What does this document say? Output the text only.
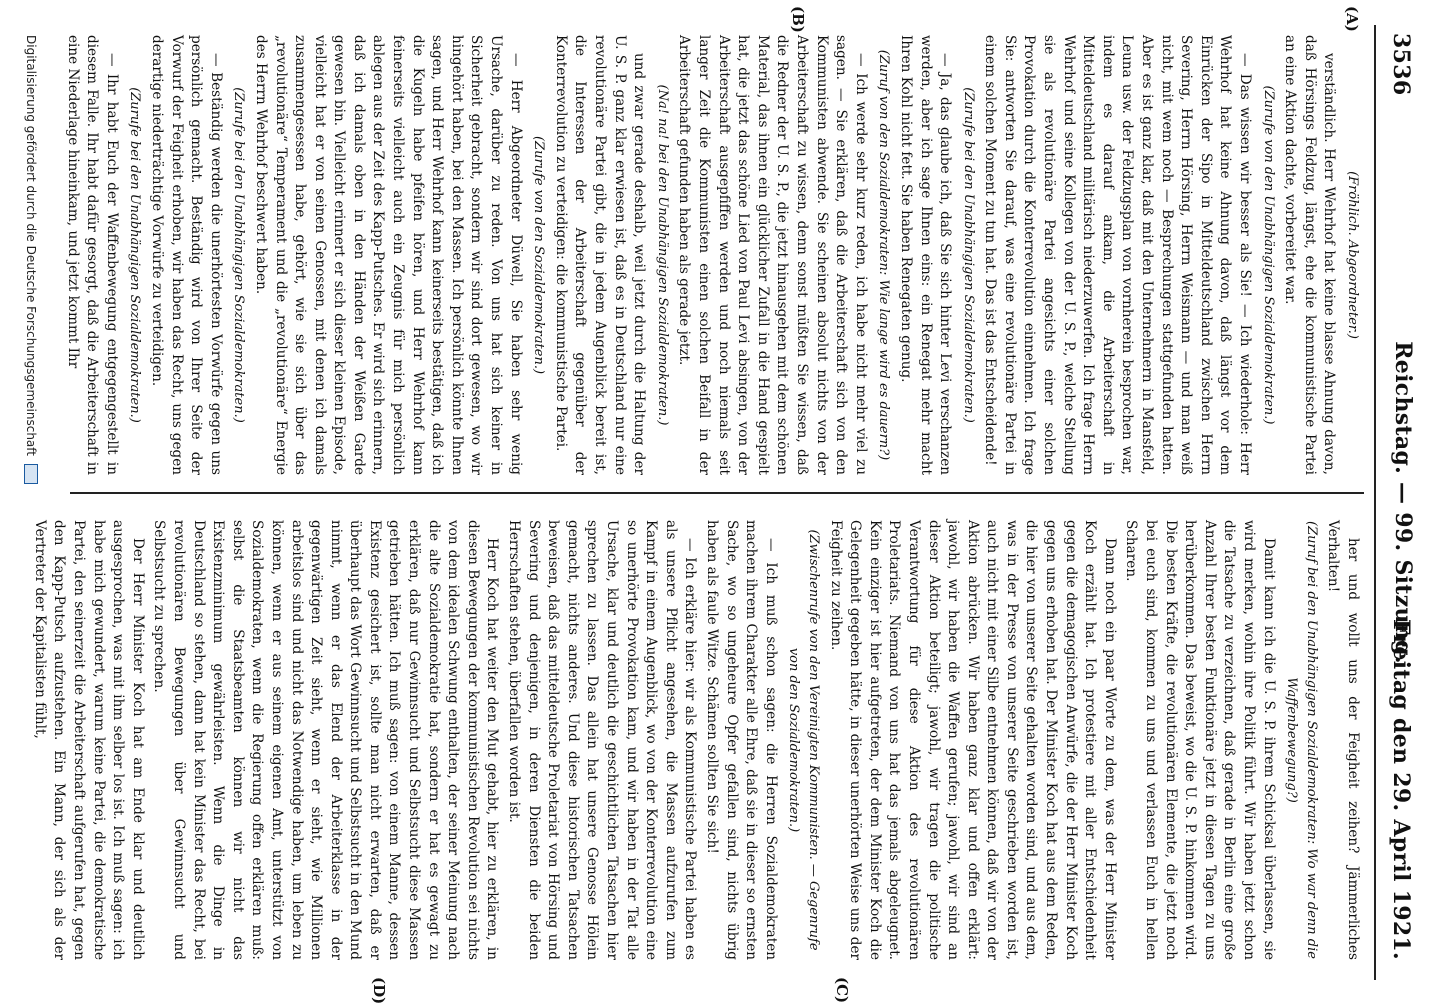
3536
Reichstag. — 99. Sitzung.
Freitag den 29. April 1921.
(A)
(B)
(C)
(D)

(Fröhlich. Abgeordneter.)

verständlich. Herr Wehrhof hat keine blasse Ahnung davon, daß Hörsings Feldzug, längst, ehe die kommunistische Partei an eine Aktion dachte, vorbereitet war.

(Zurufe von den Unabhängigen Sozialdemokraten.)

— Das wissen wir besser als Sie! — Ich wiederhole: Herr Wehrhof hat keine Ahnung davon, daß längst vor dem Einrücken der Sipo in Mitteldeutschland zwischen Herrn Severing, Herrn Hörsing, Herrn Weismann — und man weiß nicht, mit wem noch — Besprechungen stattgefunden hatten. Aber es ist ganz klar, daß mit den Unternehmern in Mansfeld, Leuna usw. der Feldzugsplan von vornherein besprochen war, indem es darauf ankam, die Arbeiterschaft in Mitteldeutschland militärisch niederzuwerfen. Ich frage Herrn Wehrhof und seine Kollegen von der U. S. P., welche Stellung sie als revolutionäre Partei angesichts einer solchen Provokation durch die Konterrevolution einnehmen. Ich frage Sie: antworten Sie darauf, was eine revolutionäre Partei in einem solchen Moment zu tun hat. Das ist das Entscheidende!

(Zurufe bei den Unabhängigen Sozialdemokraten.)

— Ja, das glaube ich, daß Sie sich hinter Levi verschanzen werden, aber ich sage Ihnen eins: ein Renegat mehr macht Ihren Kohl nicht fett. Sie haben Renegaten genug.

(Zuruf von den Sozialdemokraten: Wie lange wird es dauern?)

— Ich werde sehr kurz reden, ich habe nicht mehr viel zu sagen. — Sie erklären, daß die Arbeiterschaft sich von den Kommunisten abwende. Sie scheinen absolut nichts von der Arbeiterschaft zu wissen, denn sonst müßten Sie wissen, daß die Redner der U. S. P., die jetzt hinausgehen mit dem schönen Material, das ihnen ein glücklicher Zufall in die Hand gespielt hat, die jetzt das schöne Lied von Paul Levi absingen, von der Arbeiterschaft ausgepfiffen werden und noch niemals seit langer Zeit die Kommunisten einen solchen Beifall in der Arbeiterschaft gefunden haben als gerade jetzt.

(Na! na! bei den Unabhängigen Sozialdemokraten.)

und zwar gerade deshalb, weil jetzt durch die Haltung der U. S. P. ganz klar erwiesen ist, daß es in Deutschland nur eine revolutionäre Partei gibt, die in jedem Augenblick bereit ist, die Interessen der Arbeiterschaft gegenüber der Konterrevolution zu verteidigen: die kommunistische Partei.

(Zurufe von den Sozialdemokraten.)

— Herr Abgeordneter Düwell, Sie haben sehr wenig Ursache, darüber zu reden. Von uns hat sich keiner in Sicherheit gebracht, sondern wir sind dort gewesen, wo wir hingehört haben, bei den Massen. Ich persönlich könnte Ihnen sagen, und Herr Wehrhof kann keinerseits bestätigen, daß ich die Kugeln habe pfeifen hören, und Herr Wehrhof kann feinerseits vielleicht auch ein Zeugnis für mich persönlich ablegen aus der Zeit des Kapp-Putsches. Er wird sich erinnern, daß ich damals oben in den Händen der Weißen Garde gewesen bin. Vielleicht erinnert er sich dieser kleinen Episode, vielleicht hat er von seinen Genossen, mit denen ich damals zusammengesessen habe, gehört, wie sie sich über das „revolutionäre“ Temperament und die „revolutionäre“ Energie des Herrn Wehrhof beschwert haben.

(Zurufe bei den Unabhängigen Sozialdemokraten.)

— Beständig werden die unerhörtesten Vorwürfe gegen uns persönlich gemacht. Beständig wird von Ihrer Seite der Vorwurf der Feigheit erhoben, wir haben das Recht, uns gegen derartige niederträchtige Vorwürfe zu verteidigen.

(Zurufe bei den Unabhängigen Sozialdemokraten.)

— Ihr habt Euch der Waffenbewegung entgegengestellt in diesem Falle. Ihr habt dafür gesorgt, daß die Arbeiterschaft in eine Niederlage hineinkam, und jetzt kommt Ihr

her und wollt uns der Feigheit zeihen? Jämmerliches Verhalten!

(Zuruf bei den Unabhängigen Sozialdemokraten: Wo war denn die Waffenbewegung?)

Damit kann ich die U. S. P. ihrem Schicksal überlassen, sie wird merken, wohin ihre Politik führt. Wir haben jetzt schon die Tatsache zu verzeichnen, daß gerade in Berlin eine große Anzahl Ihrer besten Funktionäre jetzt in diesen Tagen zu uns herüberkommen. Das beweist, wo die U. S. P. hinkommen wird. Die besten Kräfte, die revolutionären Elemente, die jetzt noch bei euch sind, kommen zu uns und verlassen Euch in hellen Scharen.

Dann noch ein paar Worte zu dem, was der Herr Minister Koch erzählt hat. Ich protestiere mit aller Entschiedenheit gegen die demagogischen Anwürfe, die der Herr Minister Koch gegen uns erhoben hat. Der Minister Koch hat aus dem Reden, die hier von unserer Seite gehalten worden sind, und aus dem, was in der Presse von unserer Seite geschrieben worden ist, auch nicht mit einer Silbe entnehmen können, daß wir von der Aktion abrücken. Wir haben ganz klar und offen erklärt: jawohl, wir haben die Waffen gerufen; jawohl, wir sind an dieser Aktion beteiligt; jawohl, wir tragen die politische Verantwortung für diese Aktion des revolutionären Proletariats. Niemand von uns hat das jemals abgeleugnet. Kein einziger ist hier aufgetreten, der dem Minister Koch die Gelegenheit gegeben hätte, in dieser unerhörten Weise uns der Feigheit zu zeihen.

(Zwischenrufe von den Vereinigten Kommunisten. — Gegenrufe von den Sozialdemokraten.)

— Ich muß schon sagen: die Herren Sozialdemokraten machen ihrem Charakter alle Ehre, daß sie in dieser so ernsten Sache, wo so ungeheure Opfer gefallen sind, nichts übrig haben als faule Witze. Schämen sollten Sie sich!

— Ich erkläre hier: wir als Kommunistische Partei haben es als unsere Pflicht angesehen, die Massen aufzurufen zum Kampf in einem Augenblick, wo von der Konterrevolution eine so unerhörte Provokation kam, und wir haben in der Tat alle Ursache, klar und deutlich die geschichtlichen Tatsachen hier sprechen zu lassen. Das allein hat unsere Genosse Hölein gemacht, nichts anderes. Und diese historischen Tatsachen beweisen, daß das mitteldeutsche Proletariat von Hörsing und Severing und denjenigen, in deren Diensten die beiden Herrschaften stehen, überfallen worden ist.

Herr Koch hat weiter den Mut gehabt, hier zu erklären, in diesen Bewegungen der kommunistischen Revolution sei nichts von dem idealen Schwung enthalten, der seiner Meinung nach die alte Sozialdemokratie hat, sondern er hat es gewagt zu erklären, daß nur Gewinnsucht und Selbstsucht diese Massen getrieben hätten. Ich muß sagen: von einem Manne, dessen Existenz gesichert ist, sollte man nicht erwarten, daß er überhaupt das Wort Gewinnsucht und Selbstsucht in den Mund nimmt, wenn er das Elend der Arbeiterklasse in der gegenwärtigen Zeit sieht, wenn er sieht, wie Millionen arbeitslos sind und nicht das Notwendige haben, um leben zu können, wenn er aus seinem eigenen Amt, unterstützt von Sozialdemokraten, wenn die Regierung offen erklären muß: selbst die Staatsbeamten können wir nicht das Existenzminimum gewährleisten. Wenn die Dinge in Deutschland so stehen, dann hat kein Minister das Recht, bei revolutionären Bewegungen über Gewinnsucht und Selbstsucht zu sprechen.

Der Herr Minister Koch hat am Ende klar und deutlich ausgesprochen, was mit ihm selber los ist. Ich muß sagen: ich habe mich gewundert, warum keine Partei, die demokratische Partei, den seinerzeit die Arbeiterschaft aufgerufen hat, gegen den Kapp-Putsch aufzustehen. Ein Mann, der sich als der Vertreter der Kapitalisten fühlt,

Digitalisierung gefördert durch die Deutsche Forschungsgemeinschaft
